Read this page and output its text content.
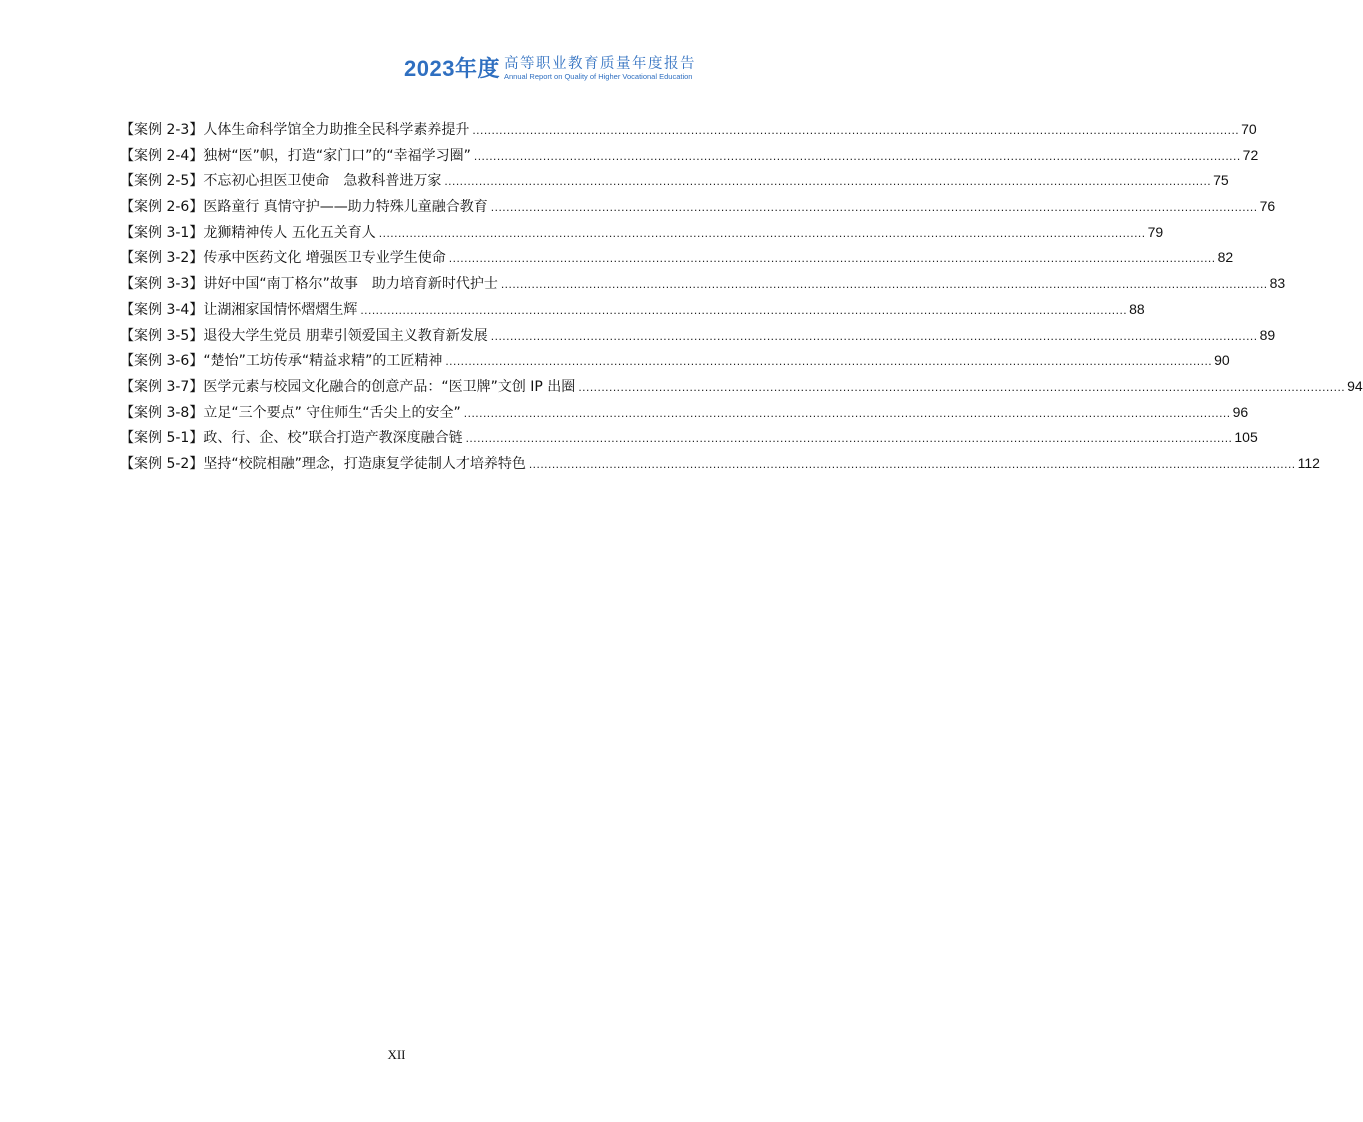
2023年度 高等职业教育质量年度报告
Annual Report on Quality of Higher Vocational Education
【案例 2-3】 人体生命科学馆全力助推全民科学素养提升 ........................................................................................................................................................................................................ 70
【案例 2-4】 独树“医”帜，打造“家门口”的“幸福学习圈” ........................................................................................................................................................................................................ 72
【案例 2-5】 不忘初心担医卫使命　急救科普进万家 ........................................................................................................................................................................................................ 75
【案例 2-6】 医路童行 真情守护——助力特殊儿童融合教育 ........................................................................................................................................................................................................ 76
【案例 3-1】 龙狮精神传人 五化五关育人 ........................................................................................................................................................................................................ 79
【案例 3-2】 传承中医药文化 增强医卫专业学生使命 ........................................................................................................................................................................................................ 82
【案例 3-3】 讲好中国“南丁格尔”故事　助力培育新时代护士 ........................................................................................................................................................................................................ 83
【案例 3-4】 让湖湘家国情怀熠熠生辉 ........................................................................................................................................................................................................ 88
【案例 3-5】 退役大学生党员 朋辈引领爱国主义教育新发展 ........................................................................................................................................................................................................ 89
【案例 3-6】 “楚怡”工坊传承“精益求精”的工匠精神 ........................................................................................................................................................................................................ 90
【案例 3-7】 医学元素与校园文化融合的创意产品：“医卫牌”文创 IP 出圈 ........................................................................................................................................................................................................ 94
【案例 3-8】 立足“三个要点” 守住师生“舌尖上的安全” ........................................................................................................................................................................................................ 96
【案例 5-1】 政、行、企、校”联合打造产教深度融合链 ........................................................................................................................................................................................................ 105
【案例 5-2】 坚持“校院相融”理念，打造康复学徒制人才培养特色 ........................................................................................................................................................................................................ 112
XII
